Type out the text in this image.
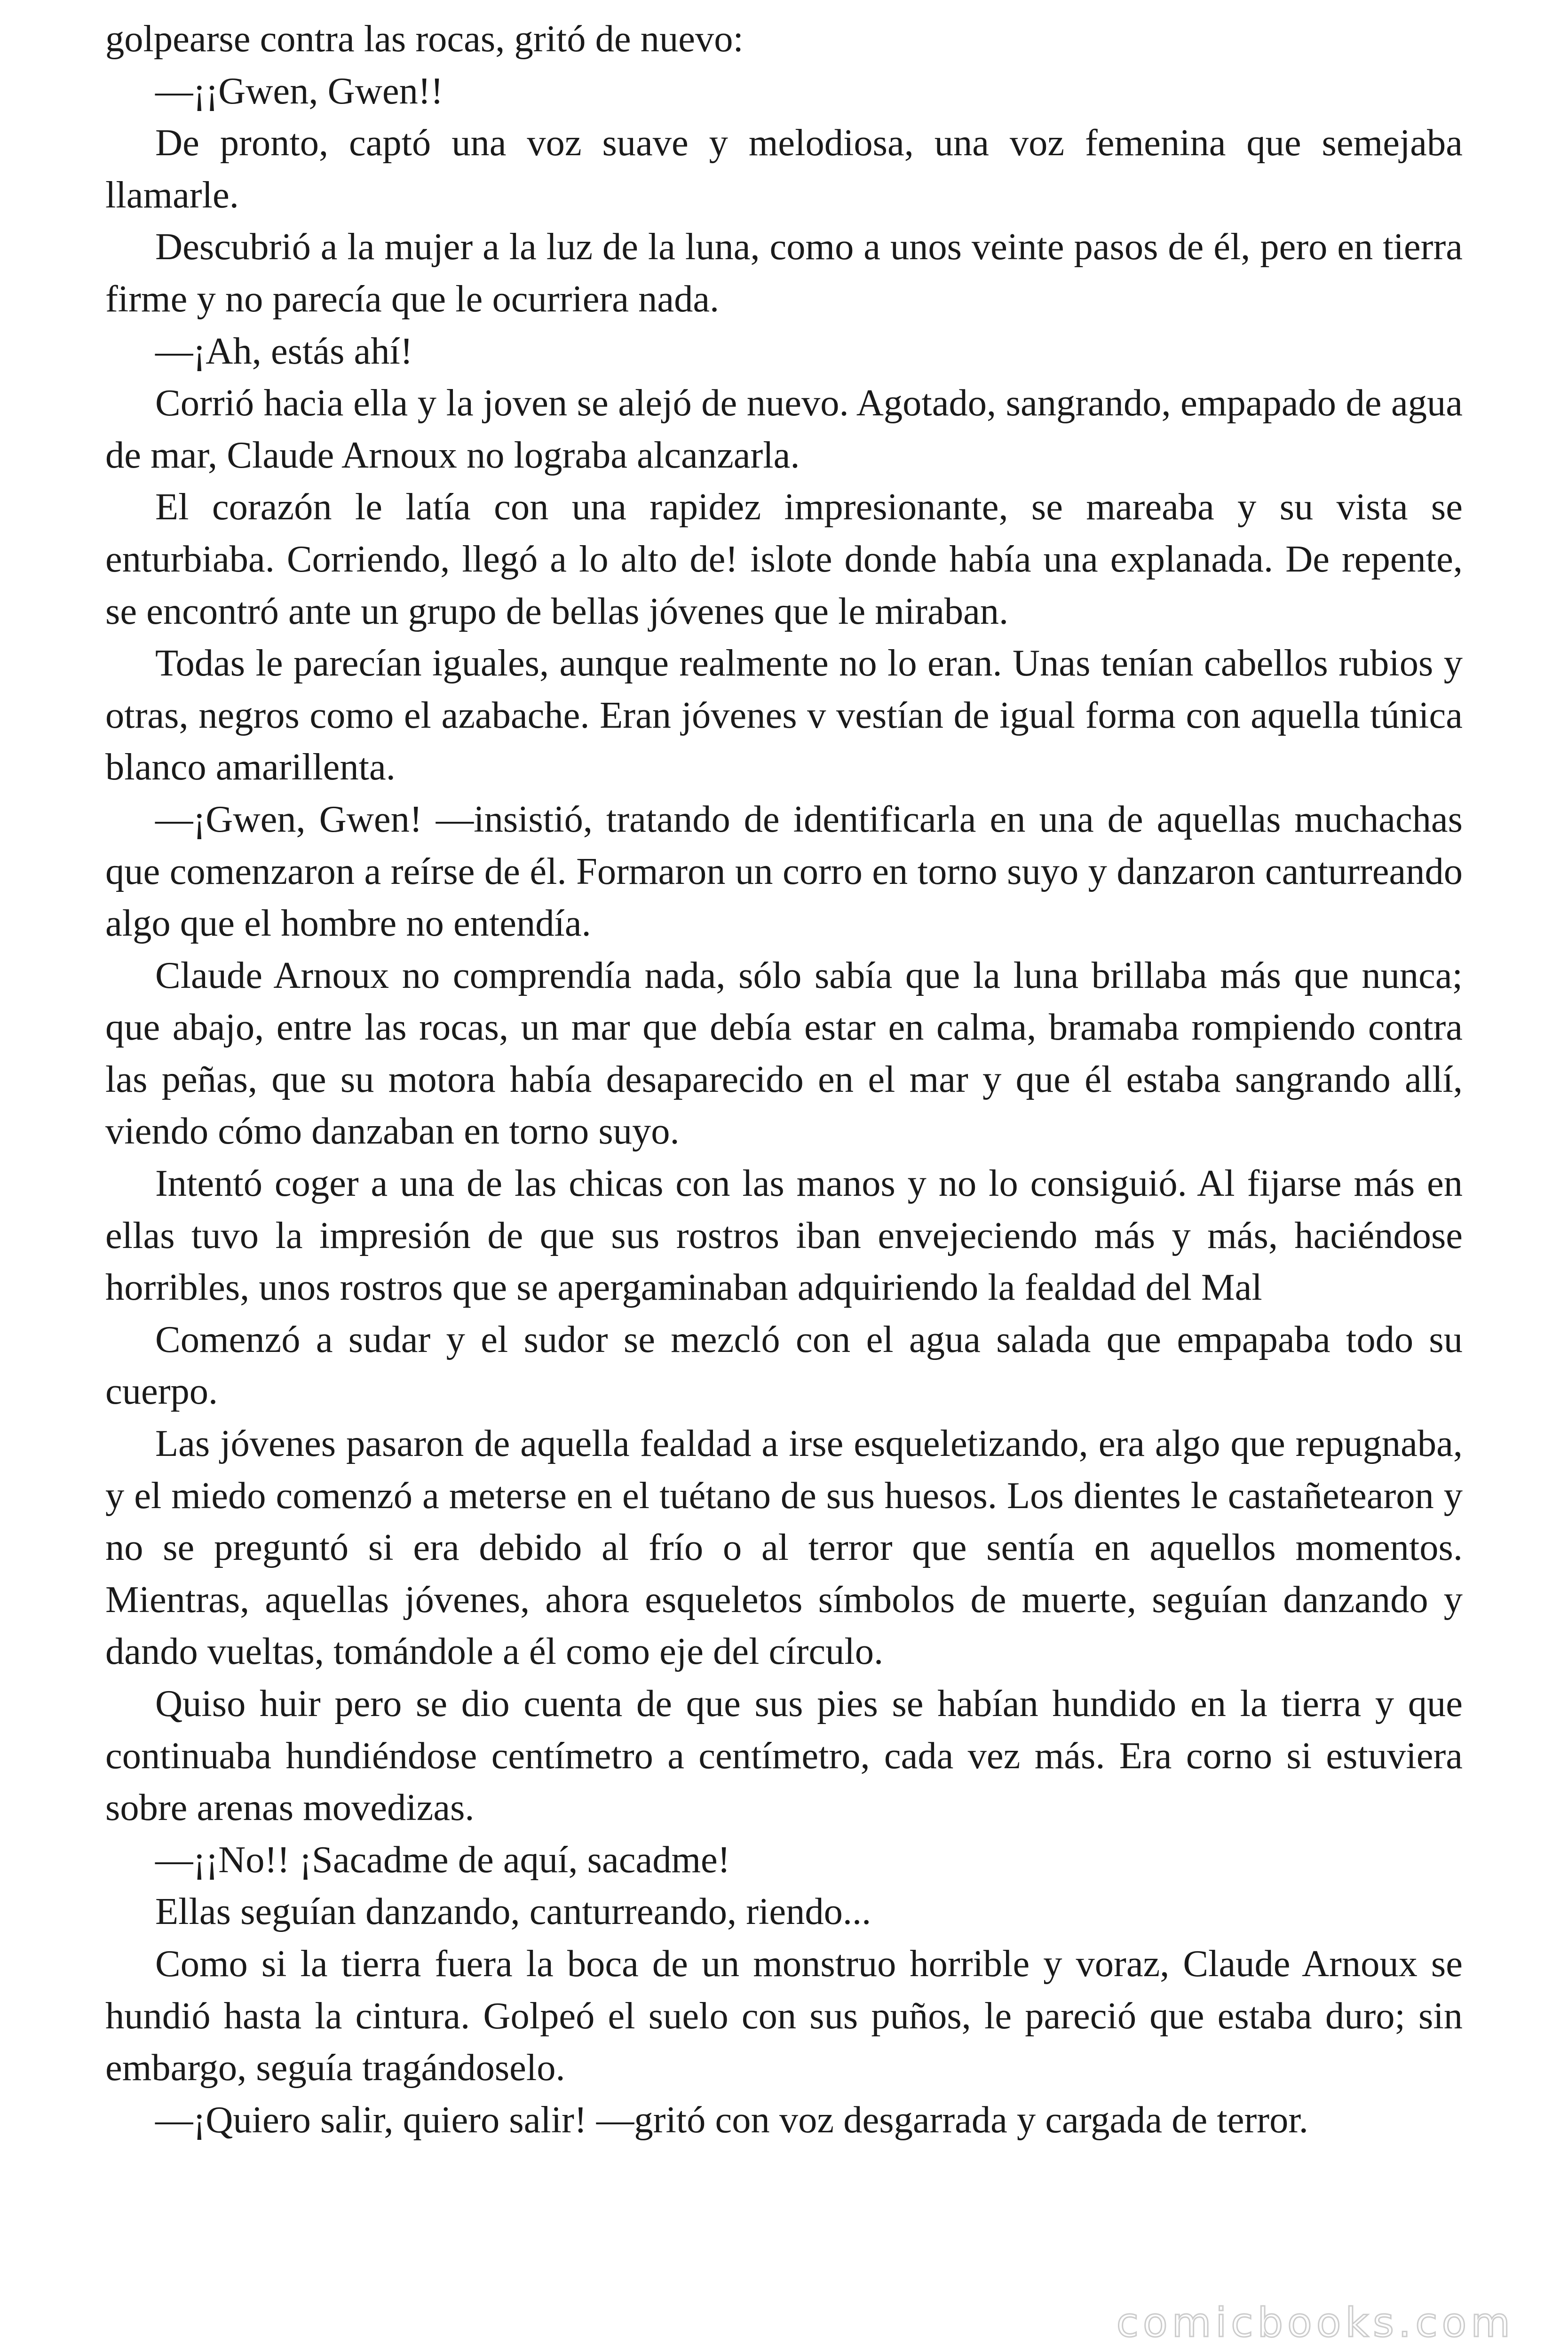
golpearse contra las rocas, gritó de nuevo:

—¡¡Gwen, Gwen!!

De pronto, captó una voz suave y melodiosa, una voz femenina que semejaba llamarle.

Descubrió a la mujer a la luz de la luna, como a unos veinte pasos de él, pero en tierra firme y no parecía que le ocurriera nada.

—¡Ah, estás ahí!

Corrió hacia ella y la joven se alejó de nuevo. Agotado, sangrando, empapado de agua de mar, Claude Arnoux no lograba alcanzarla.

El corazón le latía con una rapidez impresionante, se mareaba y su vista se enturbiaba. Corriendo, llegó a lo alto de! islote donde había una explanada. De repente, se encontró ante un grupo de bellas jóvenes que le miraban.

Todas le parecían iguales, aunque realmente no lo eran. Unas tenían cabellos rubios y otras, negros como el azabache. Eran jóvenes v vestían de igual forma con aquella túnica blanco amarillenta.

—¡Gwen, Gwen! —insistió, tratando de identificarla en una de aquellas muchachas que comenzaron a reírse de él. Formaron un corro en torno suyo y danzaron canturreando algo que el hombre no entendía.

Claude Arnoux no comprendía nada, sólo sabía que la luna brillaba más que nunca; que abajo, entre las rocas, un mar que debía estar en calma, bramaba rompiendo contra las peñas, que su motora había desaparecido en el mar y que él estaba sangrando allí, viendo cómo danzaban en torno suyo.

Intentó coger a una de las chicas con las manos y no lo consiguió. Al fijarse más en ellas tuvo la impresión de que sus rostros iban envejeciendo más y más, haciéndose horribles, unos rostros que se apergaminaban adquiriendo la fealdad del Mal

Comenzó a sudar y el sudor se mezcló con el agua salada que empapaba todo su cuerpo.

Las jóvenes pasaron de aquella fealdad a irse esqueletizando, era algo que repugnaba, y el miedo comenzó a meterse en el tuétano de sus huesos. Los dientes le castañetearon y no se preguntó si era debido al frío o al terror que sentía en aquellos momentos. Mientras, aquellas jóvenes, ahora esqueletos símbolos de muerte, seguían danzando y dando vueltas, tomándole a él como eje del círculo.

Quiso huir pero se dio cuenta de que sus pies se habían hundido en la tierra y que continuaba hundiéndose centímetro a centímetro, cada vez más. Era corno si estuviera sobre arenas movedizas.

—¡¡No!! ¡Sacadme de aquí, sacadme!

Ellas seguían danzando, canturreando, riendo...

Como si la tierra fuera la boca de un monstruo horrible y voraz, Claude Arnoux se hundió hasta la cintura. Golpeó el suelo con sus puños, le pareció que estaba duro; sin embargo, seguía tragándoselo.

—¡Quiero salir, quiero salir! —gritó con voz desgarrada y cargada de terror.

comicbooks.com
